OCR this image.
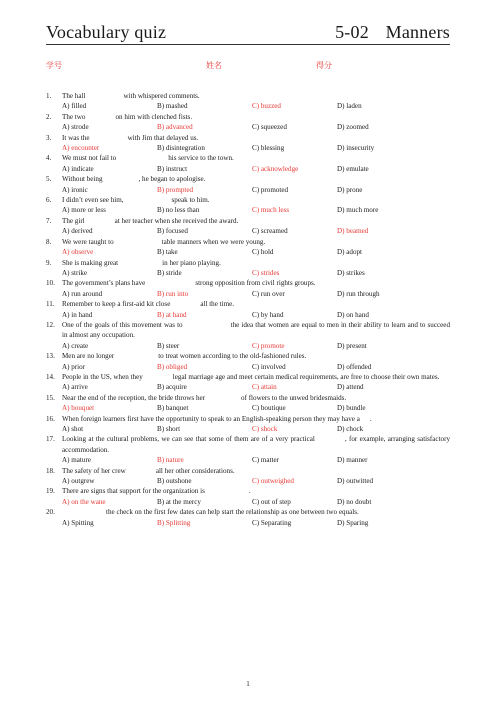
Vocabulary quiz	5-02 Manners
学号	姓名	得分
1.	The hall	with whispered comments.
A) filled	B) mashed	C) buzzed	D) laden
2.	The two	on him with clenched fists.
A) strode	B) advanced	C) squeezed	D) zoomed
3.	It was the	with Jim that delayed us.
A) encounter	B) disintegration	C) blessing	D) insecurity
4.	We must not fail to	his service to the town.
A) indicate	B) instruct	C) acknowledge	D) emulate
5.	Without being	, he began to apologise.
A) ironic	B) prompted	C) promoted	D) prone
6.	I didn’t even see him,	speak to him.
A) more or less	B) no less than	C) much less	D) much more
7.	The girl	at her teacher when she received the award.
A) derived	B) focused	C) screamed	D) beamed
8.	We were taught to	table manners when we were young.
A) observe	B) take	C) hold	D) adopt
9.	She is making great	in her piano playing.
A) strike	B) stride	C) strides	D) strikes
10.	The government’s plans have	strong opposition from civil rights groups.
A) run around	B) run into	C) run over	D) run through
11.	Remember to keep a first-aid kit close	all the time.
A) in hand	B) at hand	C) by hand	D) on hand
12.	One of the goals of this movement was to	the idea that women are equal to men in their ability to learn and to succeed in almost any occupation.
A) create	B) steer	C) promote	D) present
13.	Men are no longer	to treat women according to the old-fashioned rules.
A) prior	B) obliged	C) involved	D) offended
14.	People in the US, when they	legal marriage age and meet certain medical requirements, are free to choose their own mates.
A) arrive	B) acquire	C) attain	D) attend
15.	Near the end of the reception, the bride throws her	of flowers to the unwed bridesmaids.
A) bouquet	B) banquet	C) boutique	D) bundle
16.	When foreign learners first have the opportunity to speak to an English-speaking person they may have a .
A) shot	B) short	C) shock	D) chock
17.	Looking at the cultural problems, we can see that some of them are of a very practical	, for example, arranging satisfactory accommodation.
A) mature	B) nature	C) matter	D) manner
18.	The safety of her crew	all her other considerations.
A) outgrew	B) outshone	C) outweighed	D) outwitted
19.	There are signs that support for the organization is	.
A) on the wane	B) at the mercy	C) out of step	D) no doubt
20.	the check on the first few dates can help start the relationship as one between two equals.
A) Spitting	B) Splitting	C) Separating	D) Sparing
1
